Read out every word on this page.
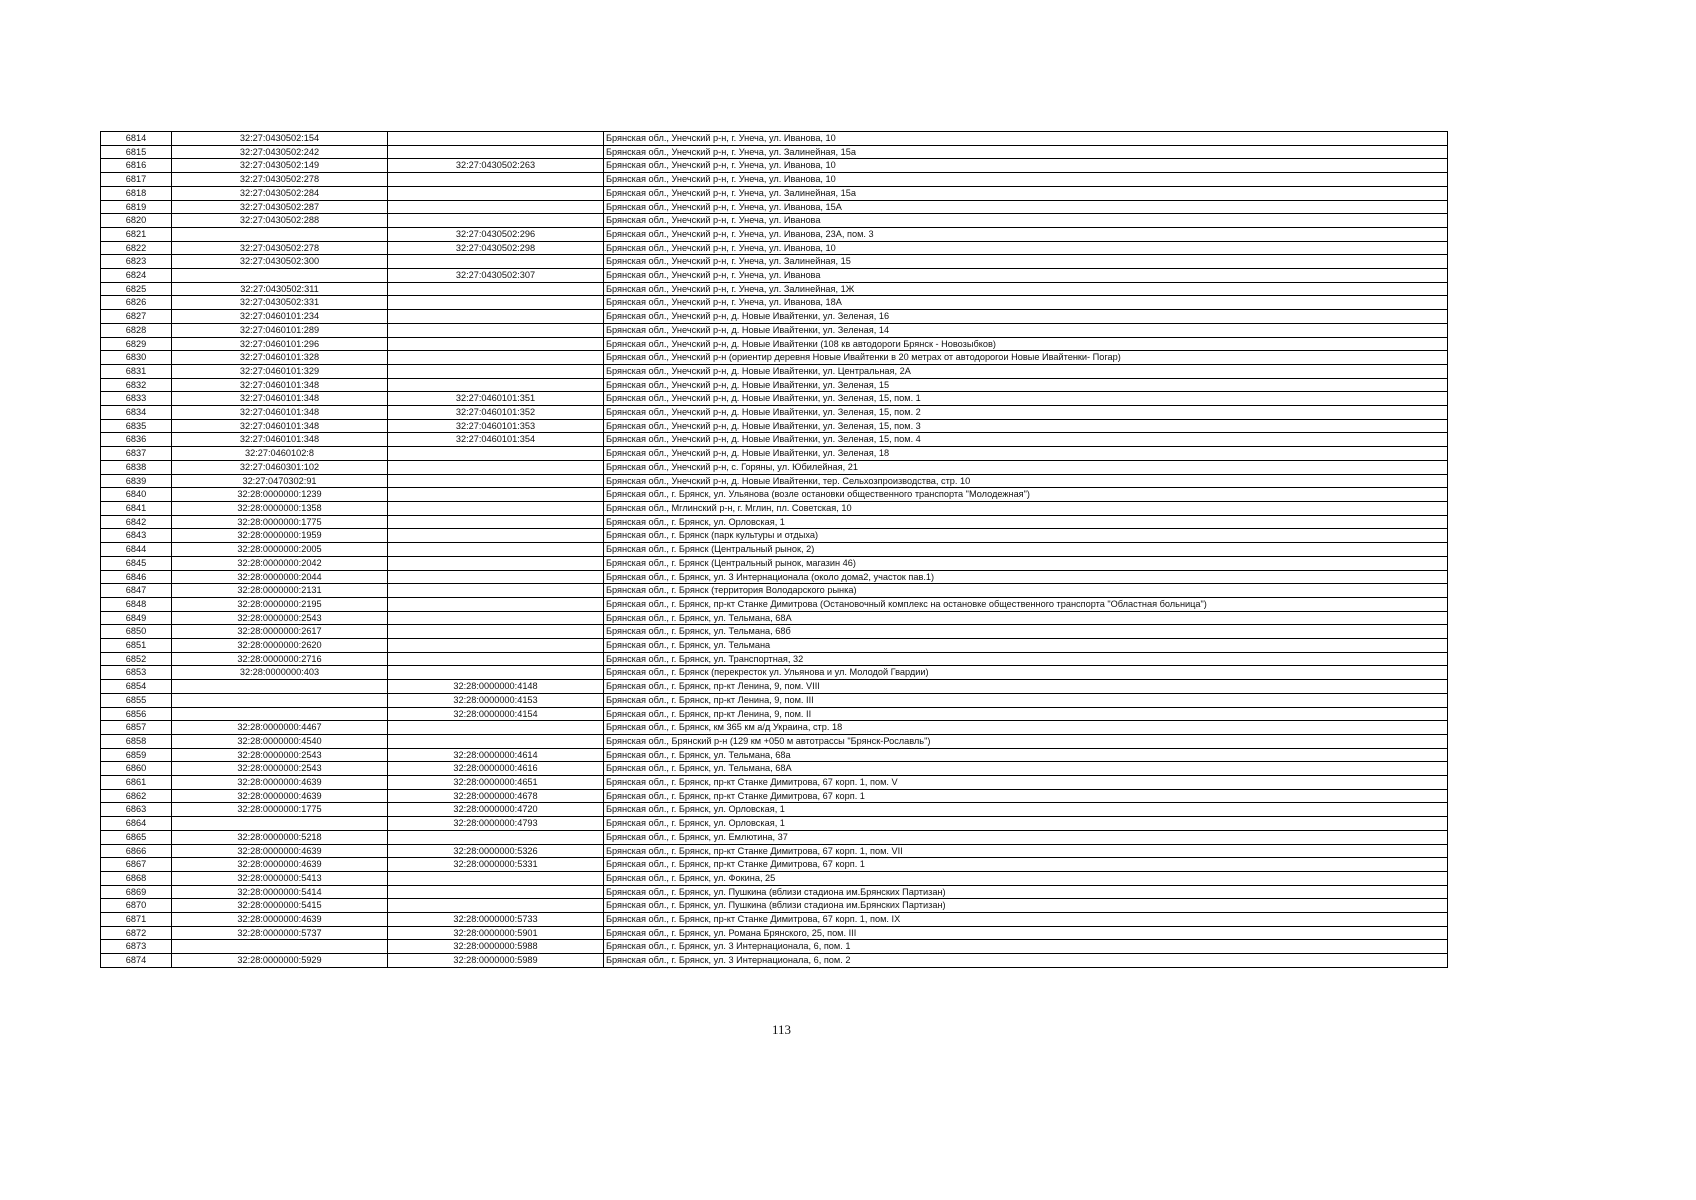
6814	32:27:0430502:154		Брянская обл., Унечский р-н, г. Унеча, ул. Иванова, 10
6815	32:27:0430502:242		Брянская обл., Унечский р-н, г. Унеча, ул. Залинейная, 15а
6816	32:27:0430502:149	32:27:0430502:263	Брянская обл., Унечский р-н, г. Унеча, ул. Иванова, 10
6817	32:27:0430502:278		Брянская обл., Унечский р-н, г. Унеча, ул. Иванова, 10
6818	32:27:0430502:284		Брянская обл., Унечский р-н, г. Унеча, ул. Залинейная, 15а
6819	32:27:0430502:287		Брянская обл., Унечский р-н, г. Унеча, ул. Иванова, 15А
6820	32:27:0430502:288		Брянская обл., Унечский р-н, г. Унеча, ул. Иванова
6821		32:27:0430502:296	Брянская обл., Унечский р-н, г. Унеча, ул. Иванова, 23А, пом. 3
6822	32:27:0430502:278	32:27:0430502:298	Брянская обл., Унечский р-н, г. Унеча, ул. Иванова, 10
6823	32:27:0430502:300		Брянская обл., Унечский р-н, г. Унеча, ул. Залинейная, 15
6824		32:27:0430502:307	Брянская обл., Унечский р-н, г. Унеча, ул. Иванова
6825	32:27:0430502:311		Брянская обл., Унечский р-н, г. Унеча, ул. Залинейная, 1Ж
6826	32:27:0430502:331		Брянская обл., Унечский р-н, г. Унеча, ул. Иванова, 18А
6827	32:27:0460101:234		Брянская обл., Унечский р-н, д. Новые Ивайтенки, ул. Зеленая, 16
6828	32:27:0460101:289		Брянская обл., Унечский р-н, д. Новые Ивайтенки, ул. Зеленая, 14
6829	32:27:0460101:296		Брянская обл., Унечский р-н, д. Новые Ивайтенки (108 кв автодороги Брянск - Новозыбков)
6830	32:27:0460101:328		Брянская обл., Унечский р-н (ориентир деревня Новые Ивайтенки в 20 метрах от автодорогои Новые Ивайтенки- Погар)
6831	32:27:0460101:329		Брянская обл., Унечский р-н, д. Новые Ивайтенки, ул. Центральная, 2А
6832	32:27:0460101:348		Брянская обл., Унечский р-н, д. Новые Ивайтенки, ул. Зеленая, 15
6833	32:27:0460101:348	32:27:0460101:351	Брянская обл., Унечский р-н, д. Новые Ивайтенки, ул. Зеленая, 15, пом. 1
6834	32:27:0460101:348	32:27:0460101:352	Брянская обл., Унечский р-н, д. Новые Ивайтенки, ул. Зеленая, 15, пом. 2
6835	32:27:0460101:348	32:27:0460101:353	Брянская обл., Унечский р-н, д. Новые Ивайтенки, ул. Зеленая, 15, пом. 3
6836	32:27:0460101:348	32:27:0460101:354	Брянская обл., Унечский р-н, д. Новые Ивайтенки, ул. Зеленая, 15, пом. 4
6837	32:27:0460102:8		Брянская обл., Унечский р-н, д. Новые Ивайтенки, ул. Зеленая, 18
6838	32:27:0460301:102		Брянская обл., Унечский р-н, с. Горяны, ул. Юбилейная, 21
6839	32:27:0470302:91		Брянская обл., Унечский р-н, д. Новые Ивайтенки, тер. Сельхозпроизводства, стр. 10
6840	32:28:0000000:1239		Брянская обл., г. Брянск, ул. Ульянова (возле остановки общественного транспорта "Молодежная")
6841	32:28:0000000:1358		Брянская обл., Мглинский р-н, г. Мглин, пл. Советская, 10
6842	32:28:0000000:1775		Брянская обл., г. Брянск, ул. Орловская, 1
6843	32:28:0000000:1959		Брянская обл., г. Брянск (парк культуры и отдыха)
6844	32:28:0000000:2005		Брянская обл., г. Брянск (Центральный рынок, 2)
6845	32:28:0000000:2042		Брянская обл., г. Брянск (Центральный рынок, магазин 46)
6846	32:28:0000000:2044		Брянская обл., г. Брянск, ул. 3 Интернационала (около дома2, участок пав.1)
6847	32:28:0000000:2131		Брянская обл., г. Брянск (территория Володарского рынка)
6848	32:28:0000000:2195		Брянская обл., г. Брянск, пр-кт Станке Димитрова (Остановочный комплекс на остановке общественного транспорта "Областная больница")
6849	32:28:0000000:2543		Брянская обл., г. Брянск, ул. Тельмана, 68А
6850	32:28:0000000:2617		Брянская обл., г. Брянск, ул. Тельмана, 68б
6851	32:28:0000000:2620		Брянская обл., г. Брянск, ул. Тельмана
6852	32:28:0000000:2716		Брянская обл., г. Брянск, ул. Транспортная, 32
6853	32:28:0000000:403		Брянская обл., г. Брянск (перекресток ул. Ульянова и ул. Молодой Гвардии)
6854		32:28:0000000:4148	Брянская обл., г. Брянск, пр-кт Ленина, 9, пом. VIII
6855		32:28:0000000:4153	Брянская обл., г. Брянск, пр-кт Ленина, 9, пом. III
6856		32:28:0000000:4154	Брянская обл., г. Брянск, пр-кт Ленина, 9, пом. II
6857	32:28:0000000:4467		Брянская обл., г. Брянск, км 365 км а/д Украина, стр. 18
6858	32:28:0000000:4540		Брянская обл., Брянский р-н (129 км +050 м автотрассы "Брянск-Рославль")
6859	32:28:0000000:2543	32:28:0000000:4614	Брянская обл., г. Брянск, ул. Тельмана, 68а
6860	32:28:0000000:2543	32:28:0000000:4616	Брянская обл., г. Брянск, ул. Тельмана, 68А
6861	32:28:0000000:4639	32:28:0000000:4651	Брянская обл., г. Брянск, пр-кт Станке Димитрова, 67 корп. 1, пом. V
6862	32:28:0000000:4639	32:28:0000000:4678	Брянская обл., г. Брянск, пр-кт Станке Димитрова, 67 корп. 1
6863	32:28:0000000:1775	32:28:0000000:4720	Брянская обл., г. Брянск, ул. Орловская, 1
6864		32:28:0000000:4793	Брянская обл., г. Брянск, ул. Орловская, 1
6865	32:28:0000000:5218		Брянская обл., г. Брянск, ул. Емлютина, 37
6866	32:28:0000000:4639	32:28:0000000:5326	Брянская обл., г. Брянск, пр-кт Станке Димитрова, 67 корп. 1, пом. VII
6867	32:28:0000000:4639	32:28:0000000:5331	Брянская обл., г. Брянск, пр-кт Станке Димитрова, 67 корп. 1
6868	32:28:0000000:5413		Брянская обл., г. Брянск, ул. Фокина, 25
6869	32:28:0000000:5414		Брянская обл., г. Брянск, ул. Пушкина (вблизи стадиона им.Брянских Партизан)
6870	32:28:0000000:5415		Брянская обл., г. Брянск, ул. Пушкина (вблизи стадиона им.Брянских Партизан)
6871	32:28:0000000:4639	32:28:0000000:5733	Брянская обл., г. Брянск, пр-кт Станке Димитрова, 67 корп. 1, пом. IX
6872	32:28:0000000:5737	32:28:0000000:5901	Брянская обл., г. Брянск, ул. Романа Брянского, 25, пом. III
6873		32:28:0000000:5988	Брянская обл., г. Брянск, ул. 3 Интернационала, 6, пом. 1
6874	32:28:0000000:5929	32:28:0000000:5989	Брянская обл., г. Брянск, ул. 3 Интернационала, 6, пом. 2
113
